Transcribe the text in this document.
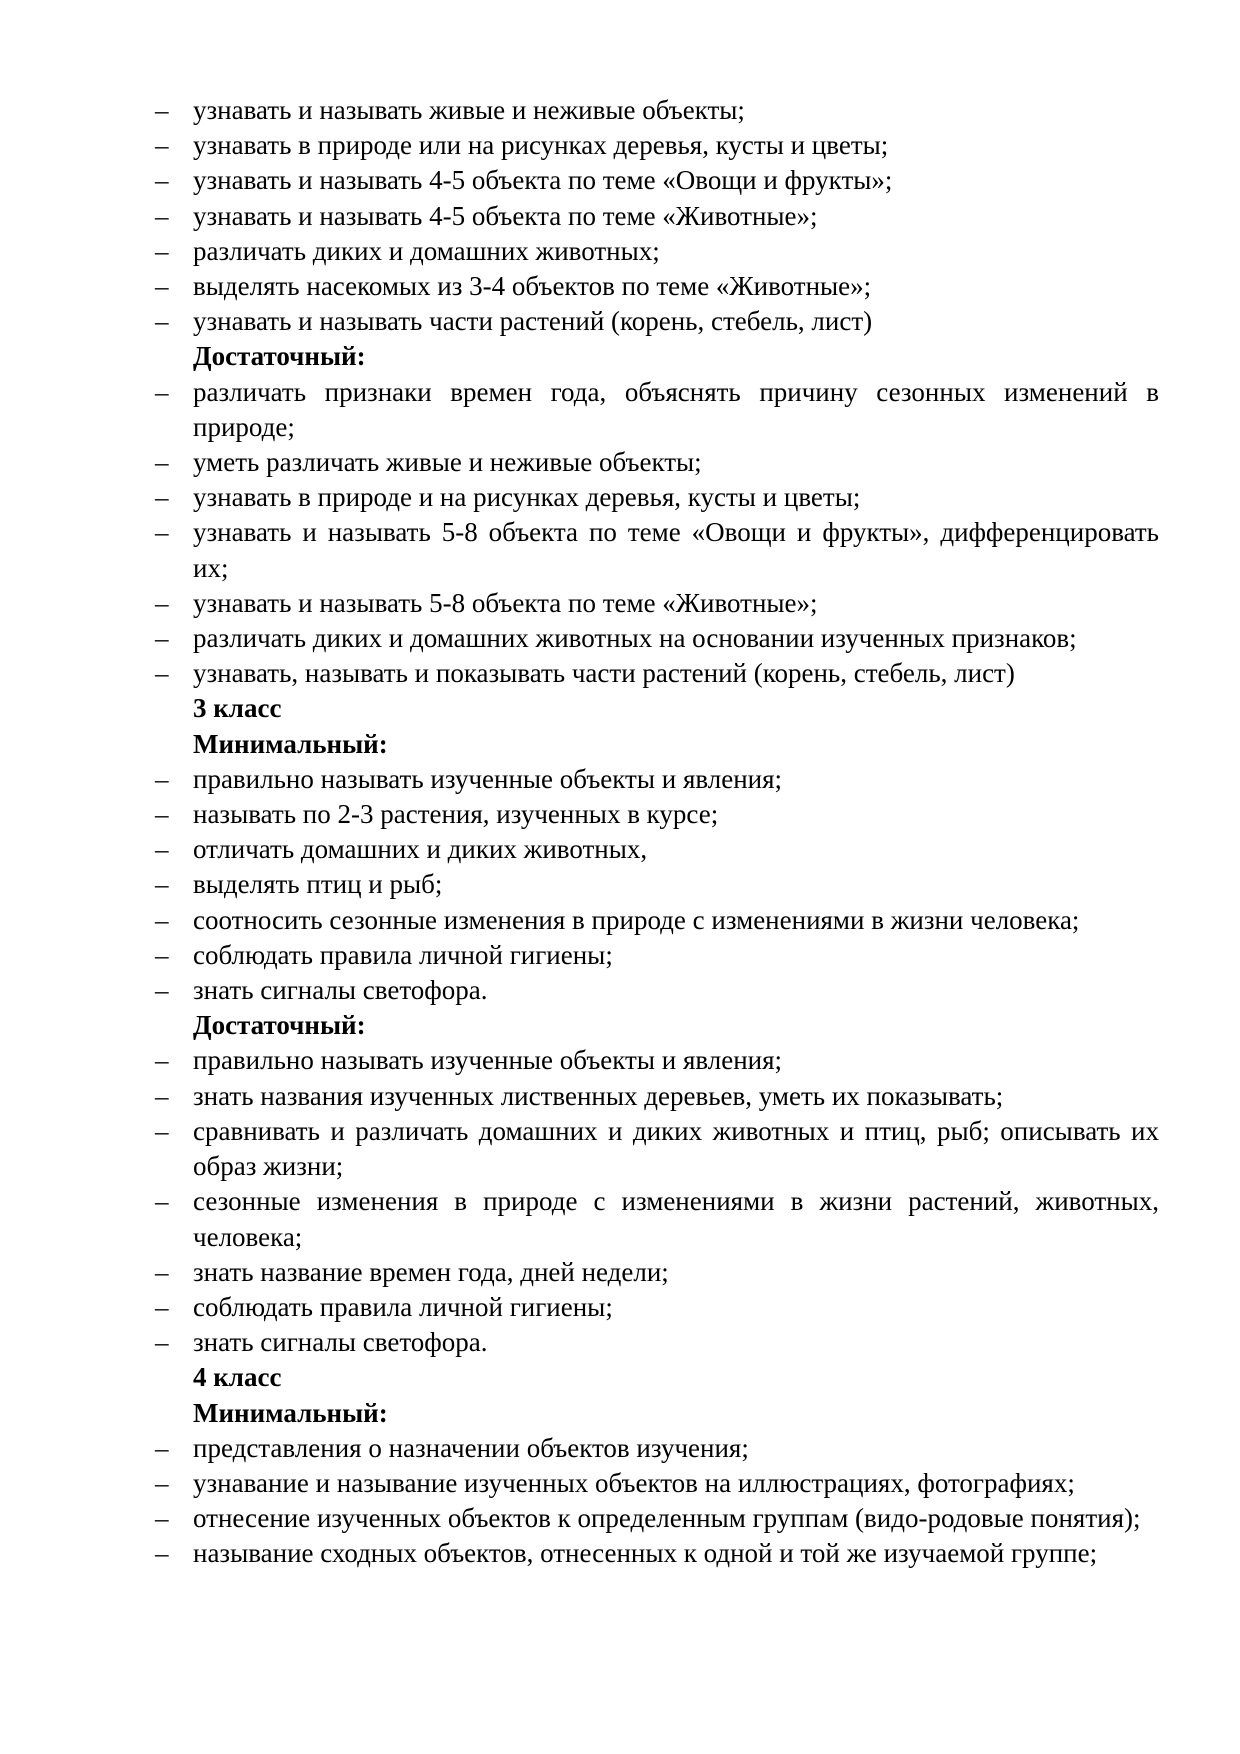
– узнавать и называть живые и неживые объекты;
– узнавать в природе или на рисунках деревья, кусты и цветы;
– узнавать и называть 4-5 объекта по теме «Овощи и фрукты»;
– узнавать и называть 4-5 объекта по теме «Животные»;
– различать диких и домашних животных;
– выделять насекомых из 3-4 объектов по теме «Животные»;
– узнавать и называть части растений (корень, стебель, лист)
Достаточный:
– различать признаки времен года, объяснять причину сезонных изменений в природе;
– уметь различать живые и неживые объекты;
– узнавать в природе и на рисунках деревья, кусты и цветы;
– узнавать и называть 5-8 объекта по теме «Овощи и фрукты», дифференцировать их;
– узнавать и называть 5-8 объекта по теме «Животные»;
– различать диких и домашних животных на основании изученных признаков;
– узнавать, называть и показывать части растений (корень, стебель, лист)
3 класс
Минимальный:
– правильно называть изученные объекты и явления;
– называть по 2-3 растения, изученных в курсе;
– отличать домашних и диких животных,
– выделять птиц и рыб;
– соотносить сезонные изменения в природе с изменениями в жизни человека;
– соблюдать правила личной гигиены;
– знать сигналы светофора.
Достаточный:
– правильно называть изученные объекты и явления;
– знать названия изученных лиственных деревьев, уметь их показывать;
– сравнивать и различать домашних и диких животных и птиц, рыб; описывать их образ жизни;
– сезонные изменения в природе с изменениями в жизни растений, животных, человека;
– знать название времен года, дней недели;
– соблюдать правила личной гигиены;
– знать сигналы светофора.
4 класс
Минимальный:
– представления о назначении объектов изучения;
– узнавание и называние изученных объектов на иллюстрациях, фотографиях;
– отнесение изученных объектов к определенным группам (видо-родовые понятия);
– называние сходных объектов, отнесенных к одной и той же изучаемой группе;
